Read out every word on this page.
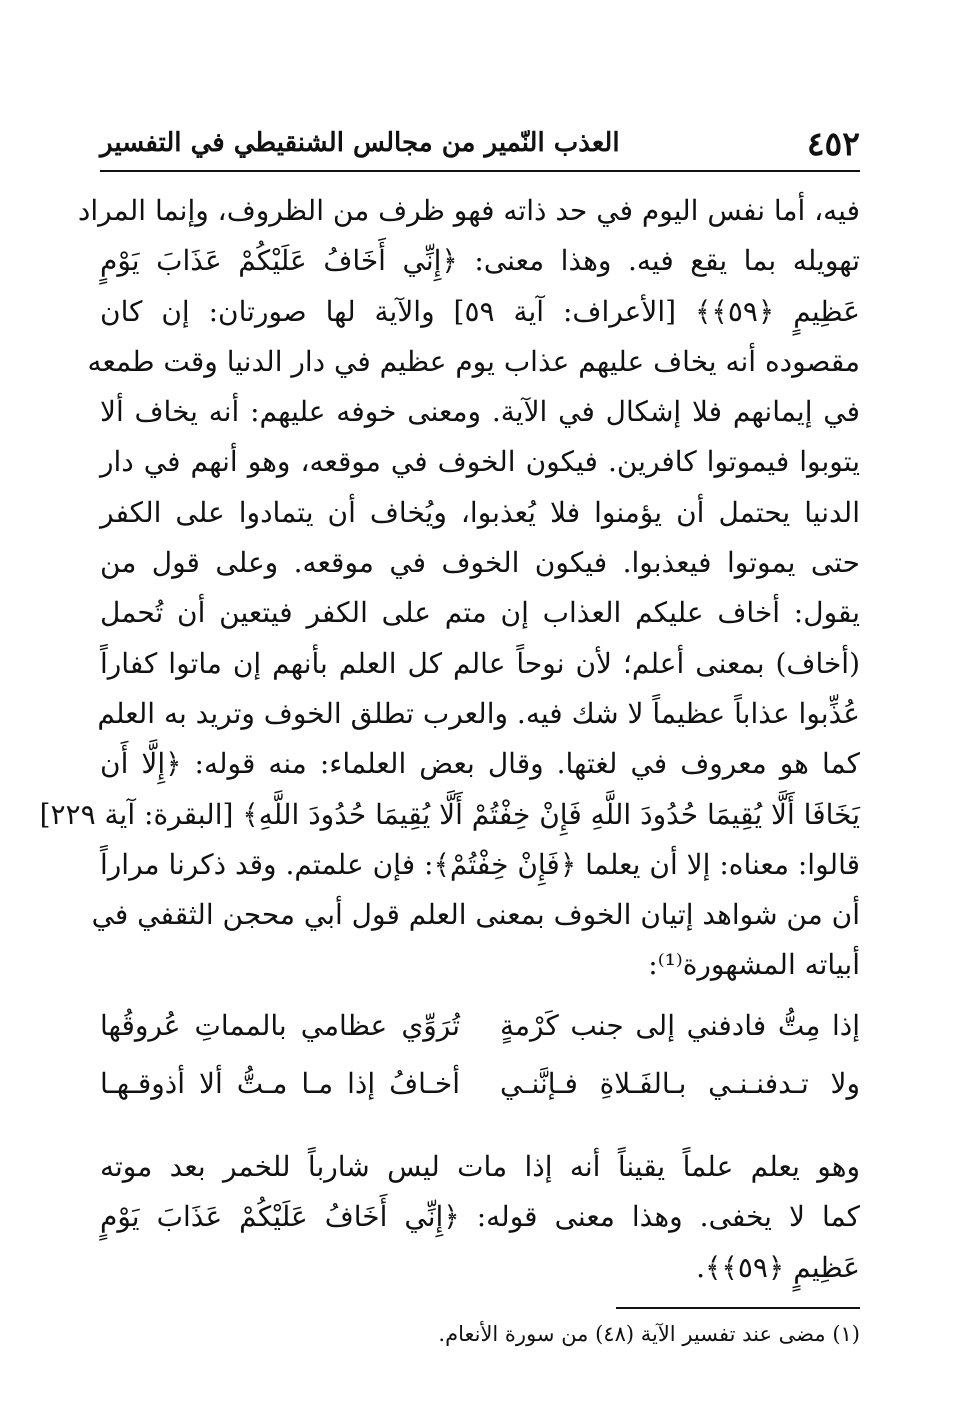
٤٥٢
العذب النّمير من مجالس الشنقيطي في التفسير
فيه، أما نفس اليوم في حد ذاته فهو ظرف من الظروف، وإنما المراد
تهويله بما يقع فيه. وهذا معنى: ﴿إِنِّي أَخَافُ عَلَيْكُمْ عَذَابَ يَوْمٍ
عَظِيمٍ ﴿٥٩﴾﴾ [الأعراف: آية ٥٩] والآية لها صورتان: إن كان
مقصوده أنه يخاف عليهم عذاب يوم عظيم في دار الدنيا وقت طمعه
في إيمانهم فلا إشكال في الآية. ومعنى خوفه عليهم: أنه يخاف ألا
يتوبوا فيموتوا كافرين. فيكون الخوف في موقعه، وهو أنهم في دار
الدنيا يحتمل أن يؤمنوا فلا يُعذبوا، ويُخاف أن يتمادوا على الكفر
حتى يموتوا فيعذبوا. فيكون الخوف في موقعه. وعلى قول من
يقول: أخاف عليكم العذاب إن متم على الكفر فيتعين أن تُحمل
(أخاف) بمعنى أعلم؛ لأن نوحاً عالم كل العلم بأنهم إن ماتوا كفاراً
عُذِّبوا عذاباً عظيماً لا شك فيه. والعرب تطلق الخوف وتريد به العلم
كما هو معروف في لغتها. وقال بعض العلماء: منه قوله: ﴿إِلَّا أَن
يَخَافَا أَلَّا يُقِيمَا حُدُودَ اللَّهِ فَإِنْ خِفْتُمْ أَلَّا يُقِيمَا حُدُودَ اللَّهِ﴾ [البقرة: آية ٢٢٩]
قالوا: معناه: إلا أن يعلما ﴿فَإِنْ خِفْتُمْ﴾: فإن علمتم. وقد ذكرنا مراراً
أن من شواهد إتيان الخوف بمعنى العلم قول أبي محجن الثقفي في
أبياته المشهورة⁽¹⁾:
إذا مِتُّ فادفني إلى جنب كَرْمةٍ
تُرَوِّي عظامي بالمماتِ عُروقُها
ولا تـدفنـنـي بـالفَـلاةِ فـإنَّنـي
أخـافُ إذا مـا مـتُّ ألا أذوقـهـا
وهو يعلم علماً يقيناً أنه إذا مات ليس شارباً للخمر بعد موته
كما لا يخفى. وهذا معنى قوله: ﴿إِنِّي أَخَافُ عَلَيْكُمْ عَذَابَ يَوْمٍ
عَظِيمٍ ﴿٥٩﴾﴾.
(١) مضى عند تفسير الآية (٤٨) من سورة الأنعام.
